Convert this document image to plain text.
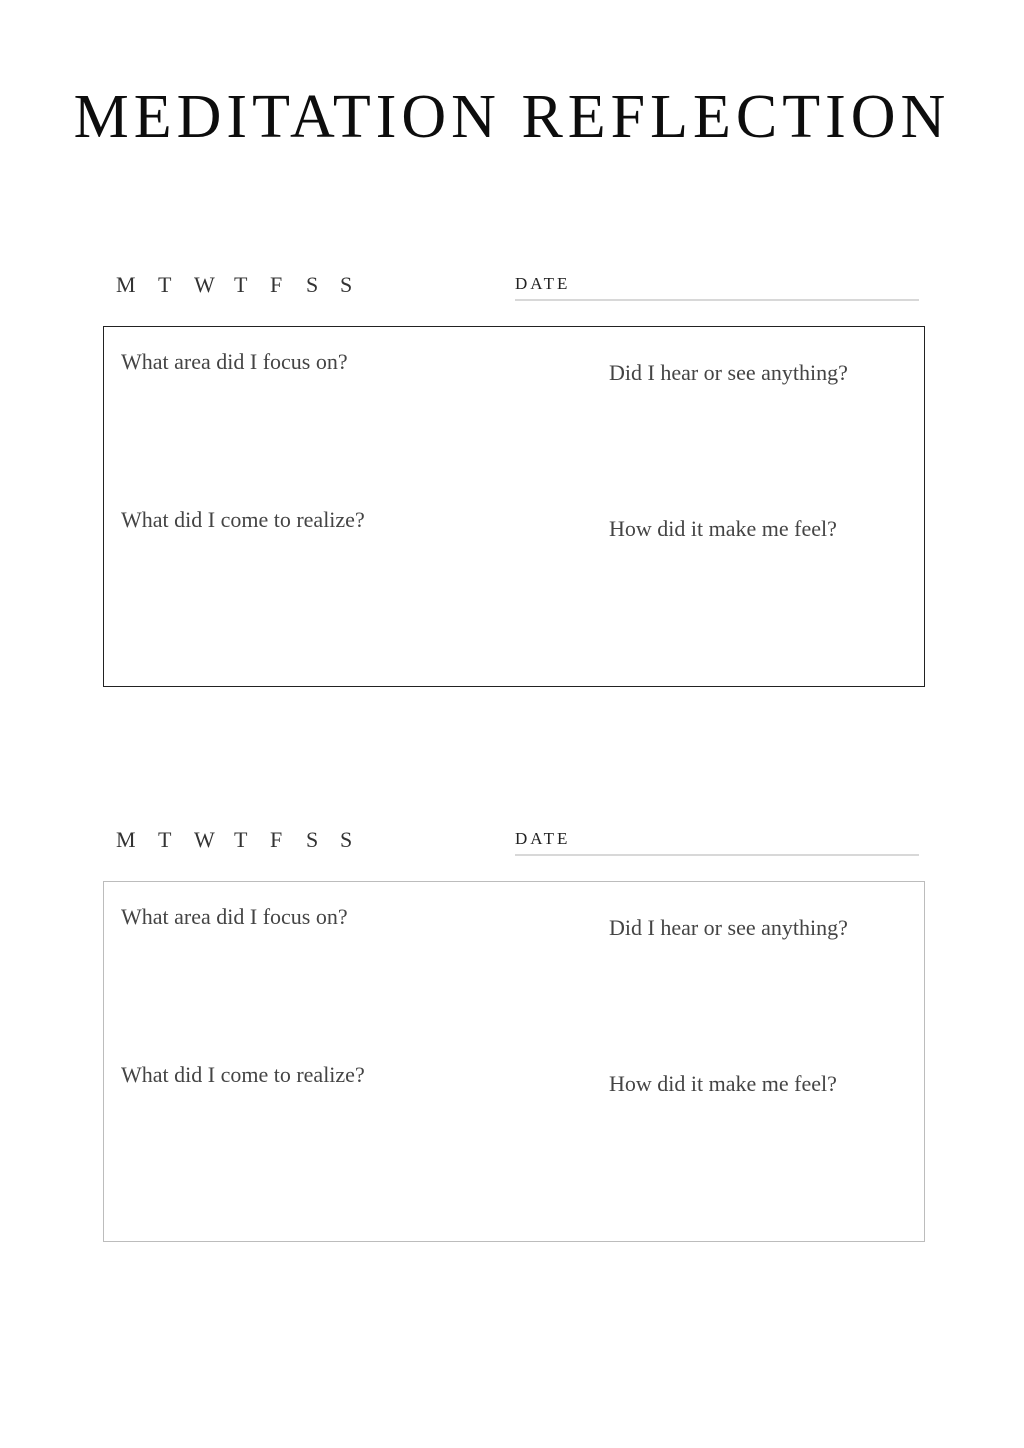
MEDITATION REFLECTION
M	T	W T	F	S S	DATE
What area did I focus on?	Did I hear or see anything?
What did I come to realize?	How did it make me feel?
M	T	W T	F	S S	DATE
What area did I focus on?	Did I hear or see anything?
What did I come to realize?	How did it make me feel?
